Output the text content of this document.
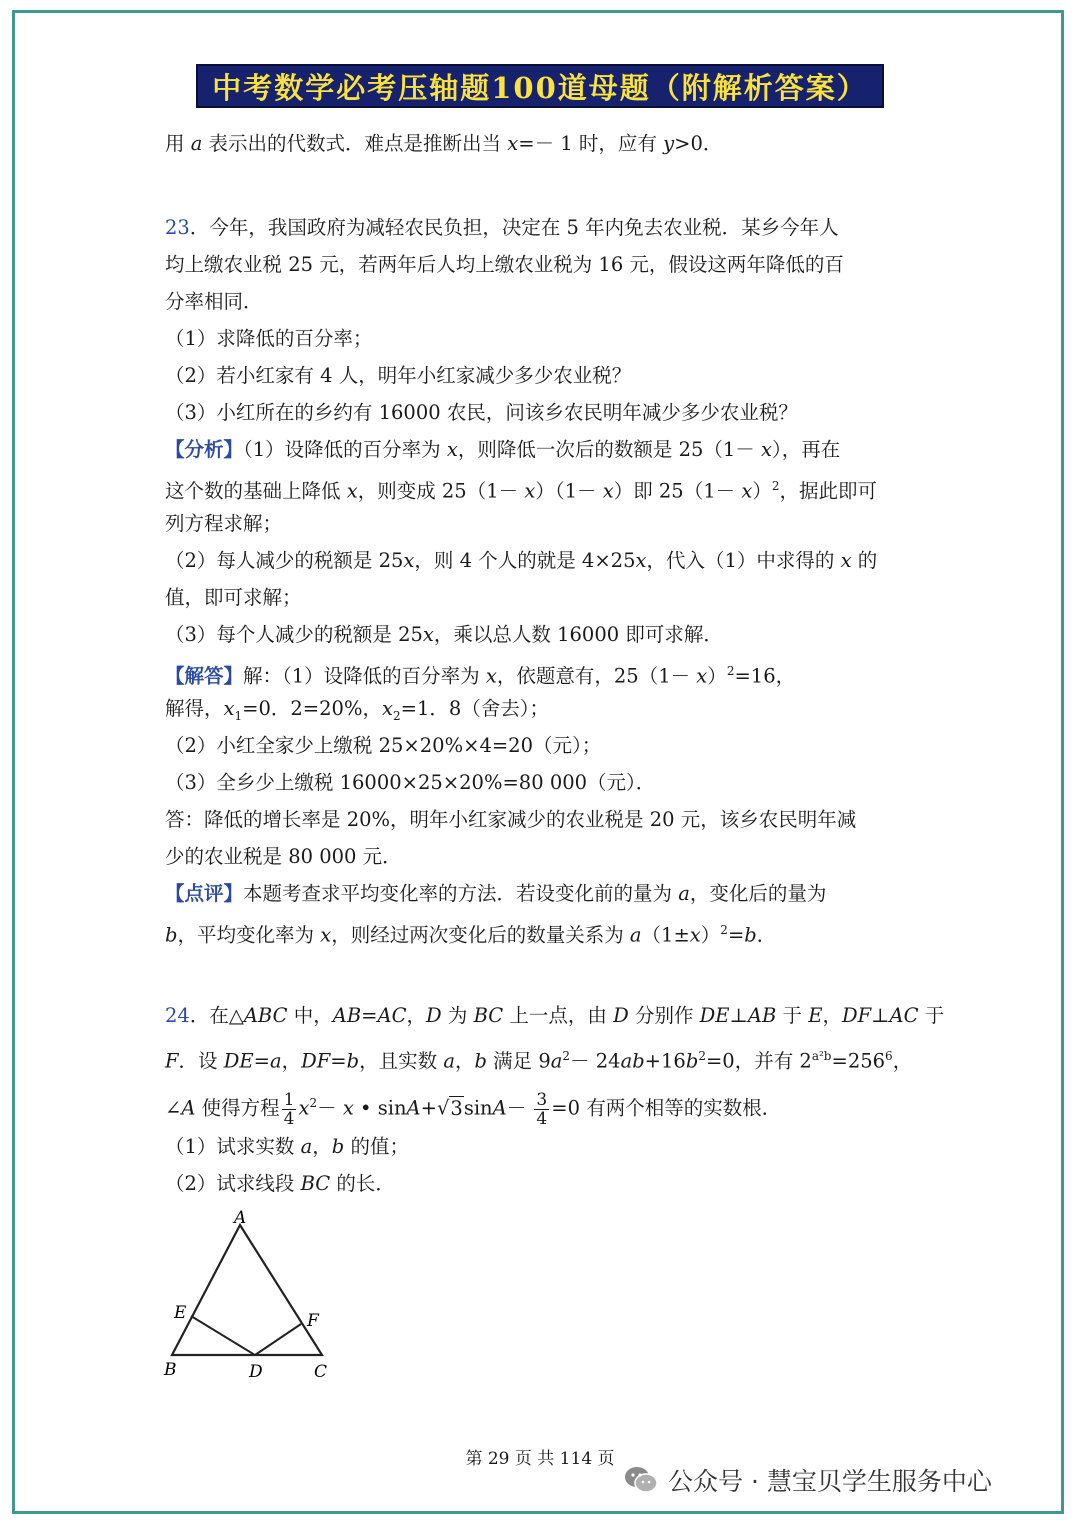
中考数学必考压轴题100道母题（附解析答案）
用 a 表示出的代数式．难点是推断出当 x=－ 1 时，应有 y>0．
23．今年，我国政府为减轻农民负担，决定在 5 年内免去农业税．某乡今年人
均上缴农业税 25 元，若两年后人均上缴农业税为 16 元，假设这两年降低的百
分率相同．
（1）求降低的百分率；
（2）若小红家有 4 人，明年小红家减少多少农业税？
（3）小红所在的乡约有 16000 农民，问该乡农民明年减少多少农业税？
【分析】（1）设降低的百分率为 x，则降低一次后的数额是 25（1－ x），再在
这个数的基础上降低 x，则变成 25（1－ x）（1－ x）即 $25(1- x)^2$，据此即可
列方程求解；
（2）每人减少的税额是 25x，则 4 个人的就是 4×25x，代入（1）中求得的 x 的
值，即可求解；
（3）每个人减少的税额是 25x，乘以总人数 16000 即可求解．
【解答】解：（1）设降低的百分率为 x，依题意有，$25(1- x)^2=16$，
解得，$x_1=0$．2=20%，$x_2=1$．8（舍去）；
（2）小红全家少上缴税 25×20%×4=20（元）；
（3）全乡少上缴税 16000×25×20%=80 000（元）．
答：降低的增长率是 20%，明年小红家减少的农业税是 20 元，该乡农民明年减
少的农业税是 80 000 元．
【点评】本题考查求平均变化率的方法．若设变化前的量为 a，变化后的量为
b，平均变化率为 x，则经过两次变化后的数量关系为 $a(1\pm x)^2=b$．
24．在△ABC 中，AB=AC，D 为 BC 上一点，由 D 分别作 DE⊥AB 于 E，DF⊥AC 于
F．设 DE=a，DF=b，且实数 a，b 满足 $9a^2- 24ab+16b^2=0$，并有 $2^{a^2b}=256^6$，
∠A 使得方程 $\frac{1}{4} x^2- x$ • $\sin A+√3\sin A- \frac{3}{4} =0$ 有两个相等的实数根．
（1）试求实数 a，b 的值；
（2）试求线段 BC 的长．
A
B	C
D
E	F
第 29 页 共 114 页
公众号 · 慧宝贝学生服务中心
